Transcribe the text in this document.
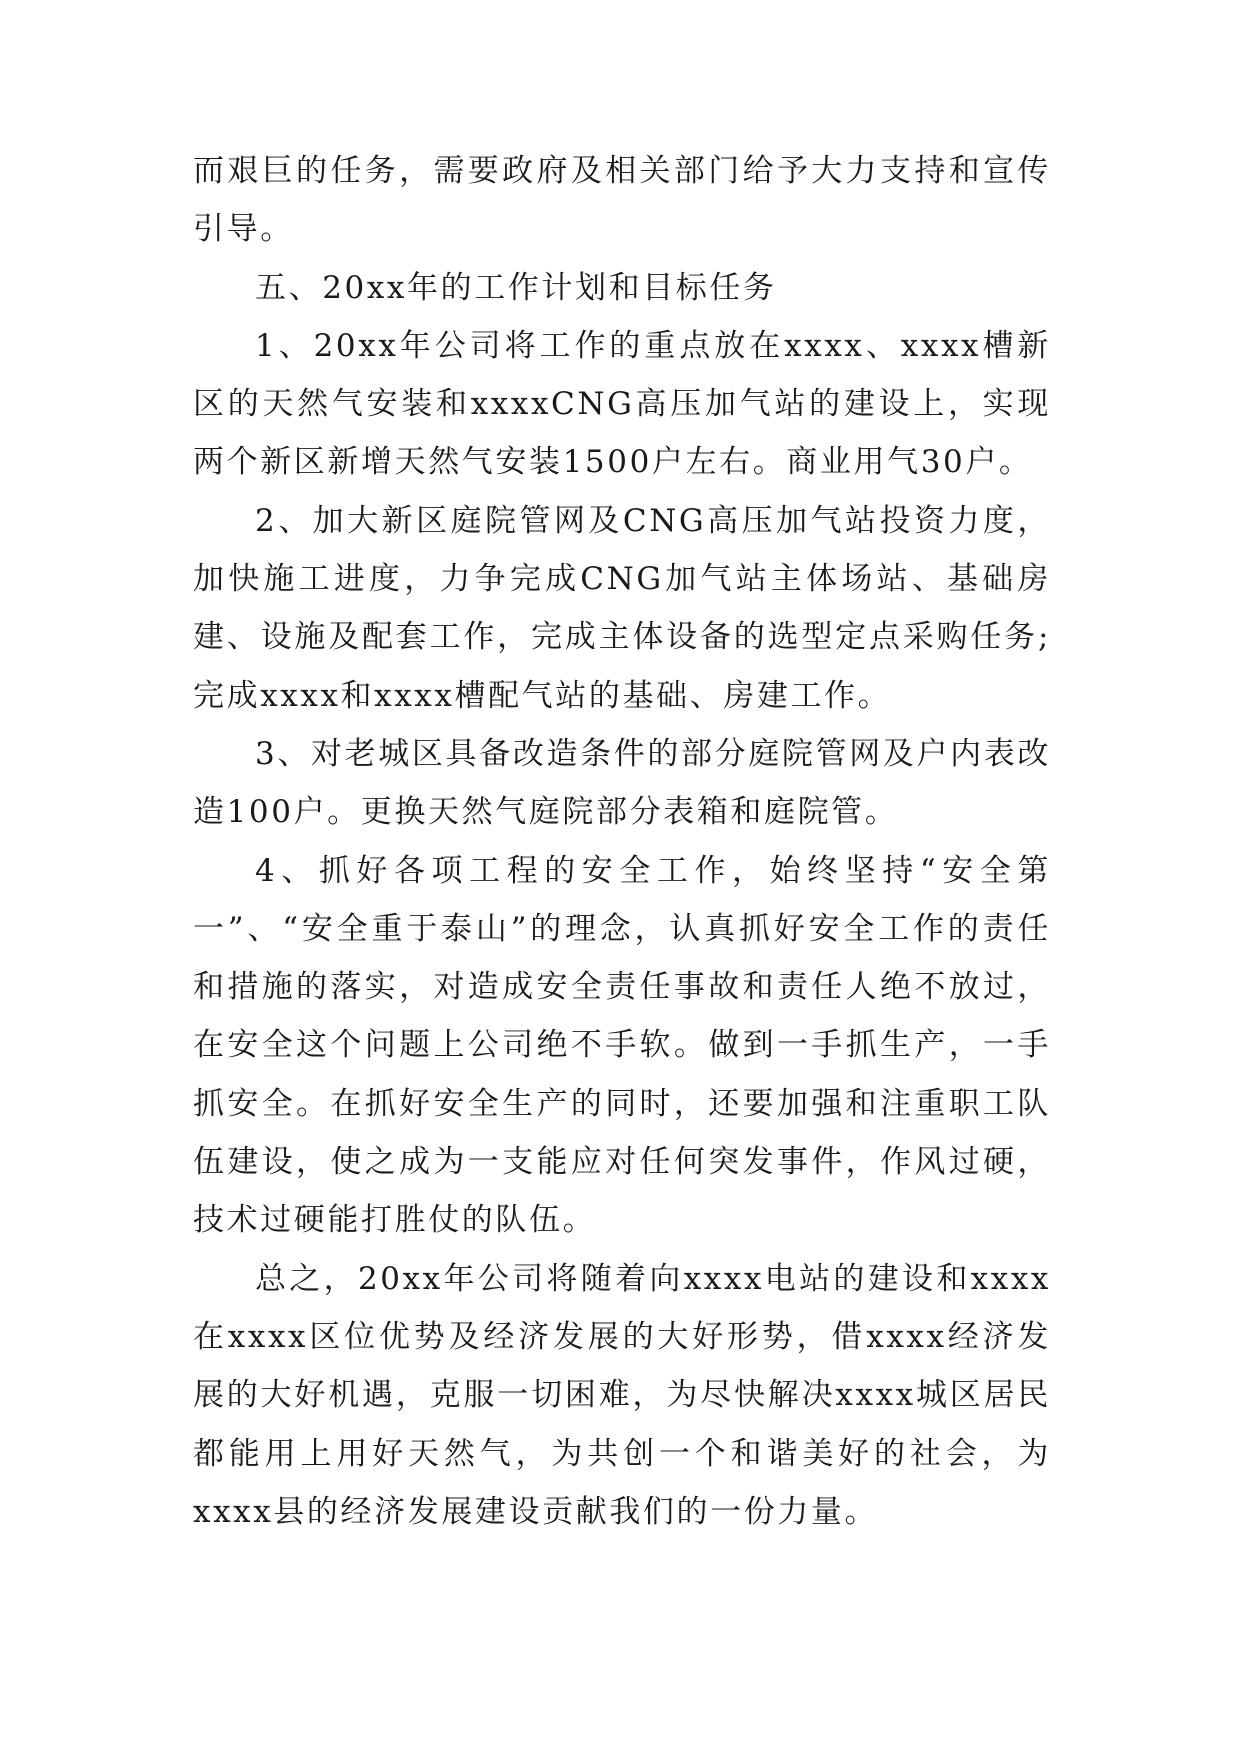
而艰巨的任务，需要政府及相关部门给予大力支持和宣传引导。

五、20xx年的工作计划和目标任务

1、20xx年公司将工作的重点放在xxxx、xxxx槽新区的天然气安装和xxxxCNG高压加气站的建设上，实现两个新区新增天然气安装1500户左右。商业用气30户。

2、加大新区庭院管网及CNG高压加气站投资力度，加快施工进度，力争完成CNG加气站主体场站、基础房建、设施及配套工作，完成主体设备的选型定点采购任务;完成xxxx和xxxx槽配气站的基础、房建工作。

3、对老城区具备改造条件的部分庭院管网及户内表改造100户。更换天然气庭院部分表箱和庭院管。

4、抓好各项工程的安全工作，始终坚持“安全第一”、“安全重于泰山”的理念，认真抓好安全工作的责任和措施的落实，对造成安全责任事故和责任人绝不放过，在安全这个问题上公司绝不手软。做到一手抓生产，一手抓安全。在抓好安全生产的同时，还要加强和注重职工队伍建设，使之成为一支能应对任何突发事件，作风过硬，技术过硬能打胜仗的队伍。

总之，20xx年公司将随着向xxxx电站的建设和xxxx在xxxx区位优势及经济发展的大好形势，借xxxx经济发展的大好机遇，克服一切困难，为尽快解决xxxx城区居民都能用上用好天然气，为共创一个和谐美好的社会，为xxxx县的经济发展建设贡献我们的一份力量。
